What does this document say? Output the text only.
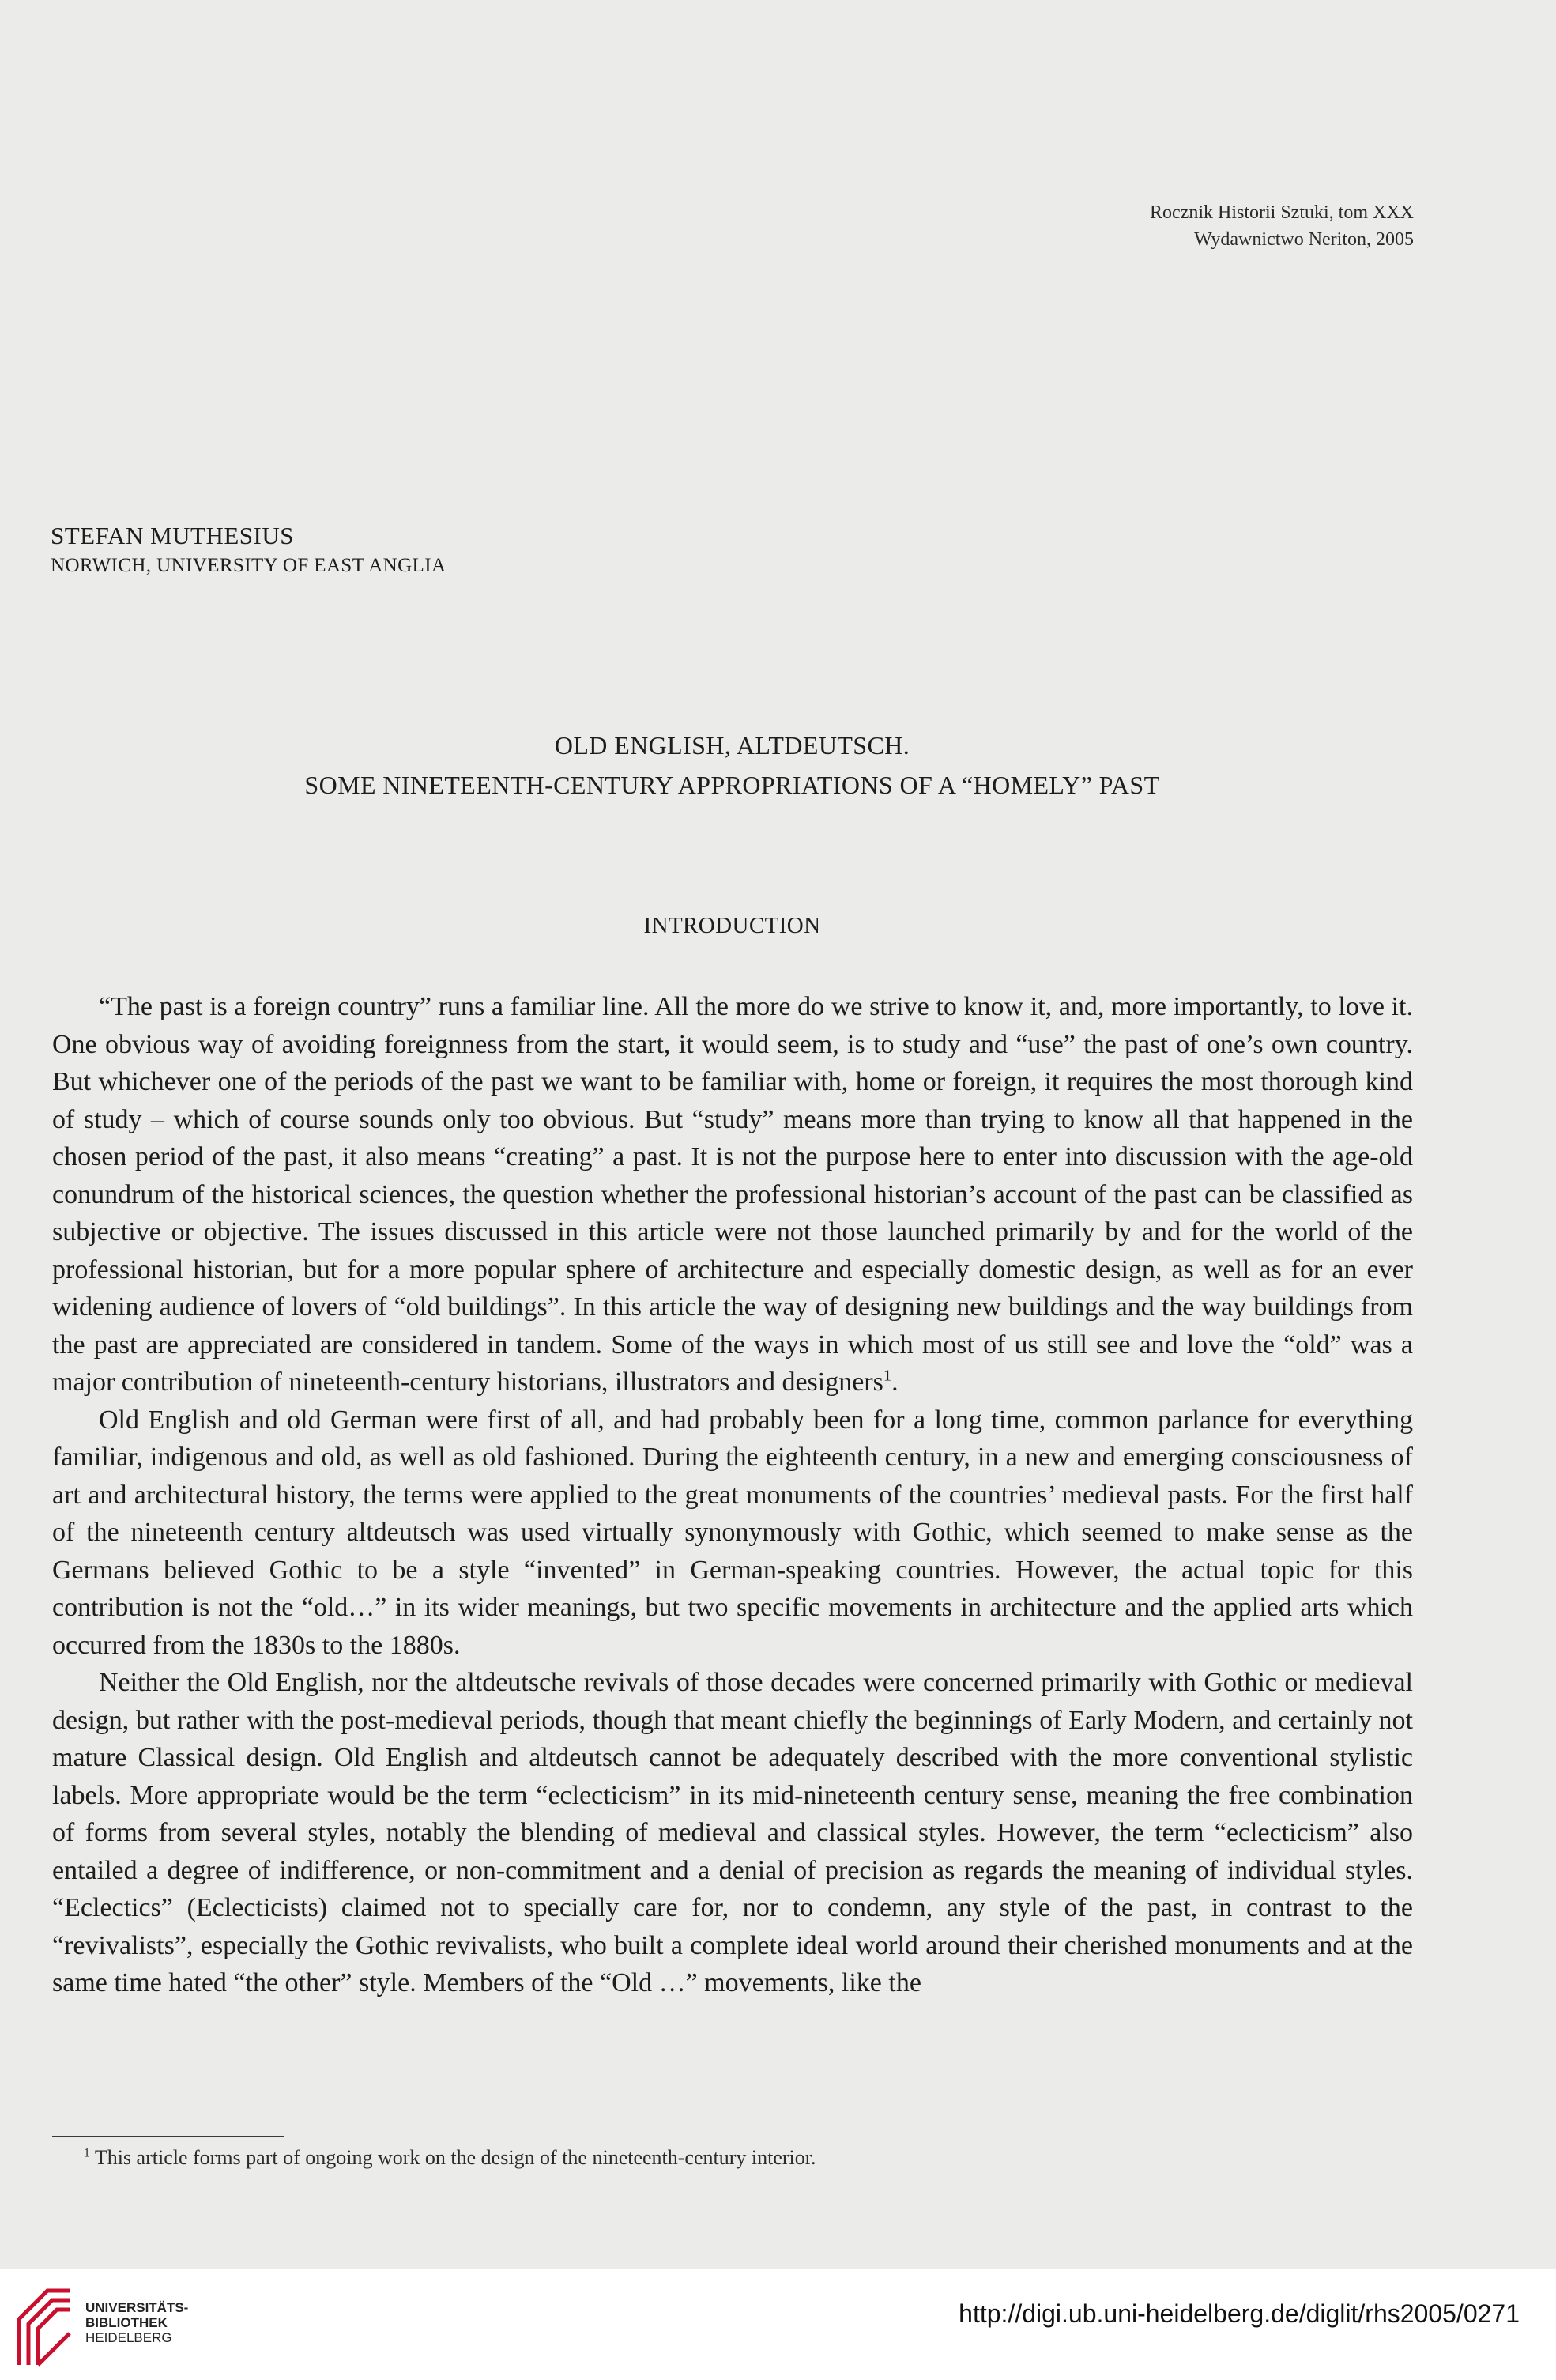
Rocznik Historii Sztuki, tom XXX
Wydawnictwo Neriton, 2005
STEFAN MUTHESIUS
NORWICH, UNIVERSITY OF EAST ANGLIA
OLD ENGLISH, ALTDEUTSCH.
SOME NINETEENTH-CENTURY APPROPRIATIONS OF A “HOMELY” PAST
INTRODUCTION

“The past is a foreign country” runs a familiar line. All the more do we strive to know it, and, more importantly, to love it. One obvious way of avoiding foreignness from the start, it would seem, is to study and “use” the past of one’s own country. But whichever one of the periods of the past we want to be familiar with, home or foreign, it requires the most thorough kind of study – which of course sounds only too obvious. But “study” means more than trying to know all that happened in the chosen period of the past, it also means “creating” a past. It is not the purpose here to enter into discussion with the age-old conundrum of the historical sciences, the question whether the professional historian’s account of the past can be classified as subjective or objective. The issues discussed in this article were not those launched primarily by and for the world of the professional historian, but for a more popular sphere of architecture and especially domestic design, as well as for an ever widening audience of lovers of “old buildings”. In this article the way of designing new buildings and the way buildings from the past are appreciated are considered in tandem. Some of the ways in which most of us still see and love the “old” was a major contribution of nineteenth-century historians, illustrators and designers$^1$.

Old English and old German were first of all, and had probably been for a long time, common parlance for everything familiar, indigenous and old, as well as old fashioned. During the eighteenth century, in a new and emerging consciousness of art and architectural history, the terms were applied to the great monuments of the countries’ medieval pasts. For the first half of the nineteenth century altdeutsch was used virtually synonymously with Gothic, which seemed to make sense as the Germans believed Gothic to be a style “invented” in German-speaking countries. However, the actual topic for this contribution is not the “old…” in its wider meanings, but two specific movements in architecture and the applied arts which occurred from the 1830s to the 1880s.

Neither the Old English, nor the altdeutsche revivals of those decades were concerned primarily with Gothic or medieval design, but rather with the post-medieval periods, though that meant chiefly the beginnings of Early Modern, and certainly not mature Classical design. Old English and altdeutsch cannot be adequately described with the more conventional stylistic labels. More appropriate would be the term “eclecticism” in its mid-nineteenth century sense, meaning the free combination of forms from several styles, notably the blending of medieval and classical styles. However, the term “eclecticism” also entailed a degree of indifference, or non-commitment and a denial of precision as regards the meaning of individual styles. “Eclectics” (Eclecticists) claimed not to specially care for, nor to condemn, any style of the past, in contrast to the “revivalists”, especially the Gothic revivalists, who built a complete ideal world around their cherished monuments and at the same time hated “the other” style. Members of the “Old …” movements, like the

$^1$ This article forms part of ongoing work on the design of the nineteenth-century interior.
UNIVERSITÄTS-
BIBLIOTHEK
HEIDELBERG
http://digi.ub.uni-heidelberg.de/diglit/rhs2005/0271
